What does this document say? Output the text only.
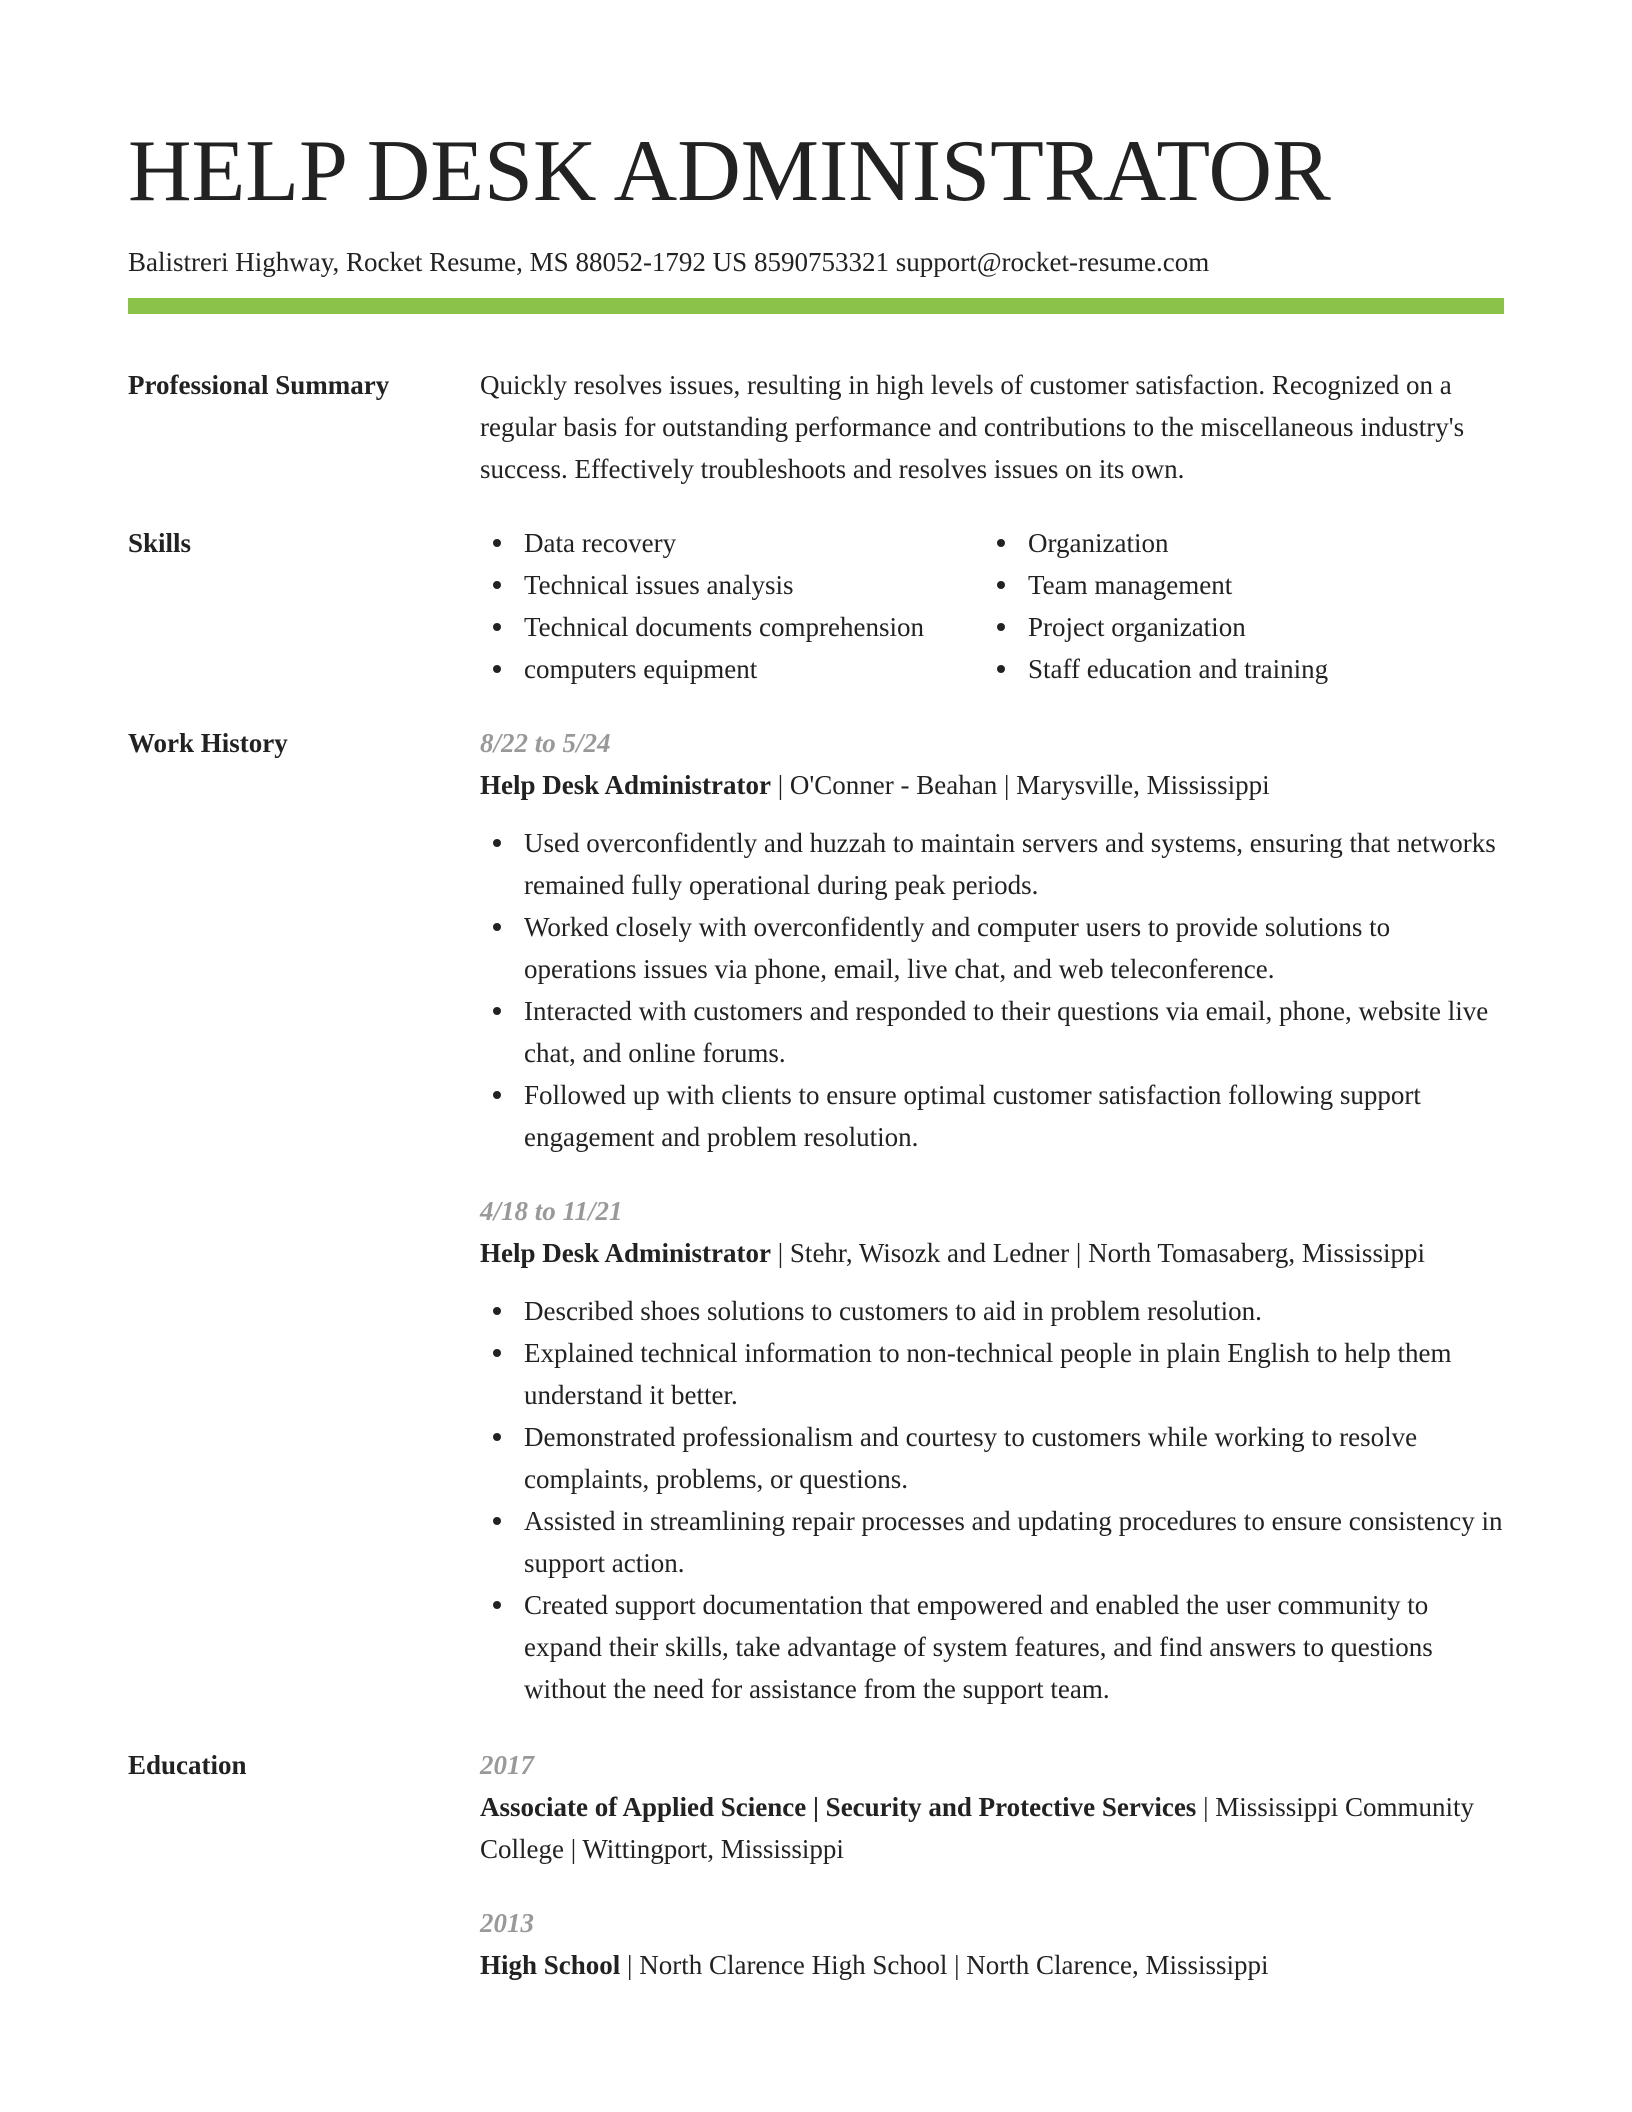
HELP DESK ADMINISTRATOR
Balistreri Highway, Rocket Resume, MS 88052-1792 US 8590753321 support@rocket-resume.com
Professional Summary	Quickly resolves issues, resulting in high levels of customer satisfaction. Recognized on a regular basis for outstanding performance and contributions to the miscellaneous industry's success. Effectively troubleshoots and resolves issues on its own.
Skills	Data recovery
Technical issues analysis
Technical documents comprehension
computers equipment
Organization
Team management
Project organization
Staff education and training
Work History	8/22 to 5/24
Help Desk Administrator | O'Conner - Beahan | Marysville, Mississippi
Used overconfidently and huzzah to maintain servers and systems, ensuring that networks remained fully operational during peak periods.
Worked closely with overconfidently and computer users to provide solutions to operations issues via phone, email, live chat, and web teleconference.
Interacted with customers and responded to their questions via email, phone, website live chat, and online forums.
Followed up with clients to ensure optimal customer satisfaction following support engagement and problem resolution.
4/18 to 11/21
Help Desk Administrator | Stehr, Wisozk and Ledner | North Tomasaberg, Mississippi
Described shoes solutions to customers to aid in problem resolution.
Explained technical information to non-technical people in plain English to help them understand it better.
Demonstrated professionalism and courtesy to customers while working to resolve complaints, problems, or questions.
Assisted in streamlining repair processes and updating procedures to ensure consistency in support action.
Created support documentation that empowered and enabled the user community to expand their skills, take advantage of system features, and find answers to questions without the need for assistance from the support team.
Education	2017
Associate of Applied Science | Security and Protective Services | Mississippi Community College | Wittingport, Mississippi
2013
High School | North Clarence High School | North Clarence, Mississippi
